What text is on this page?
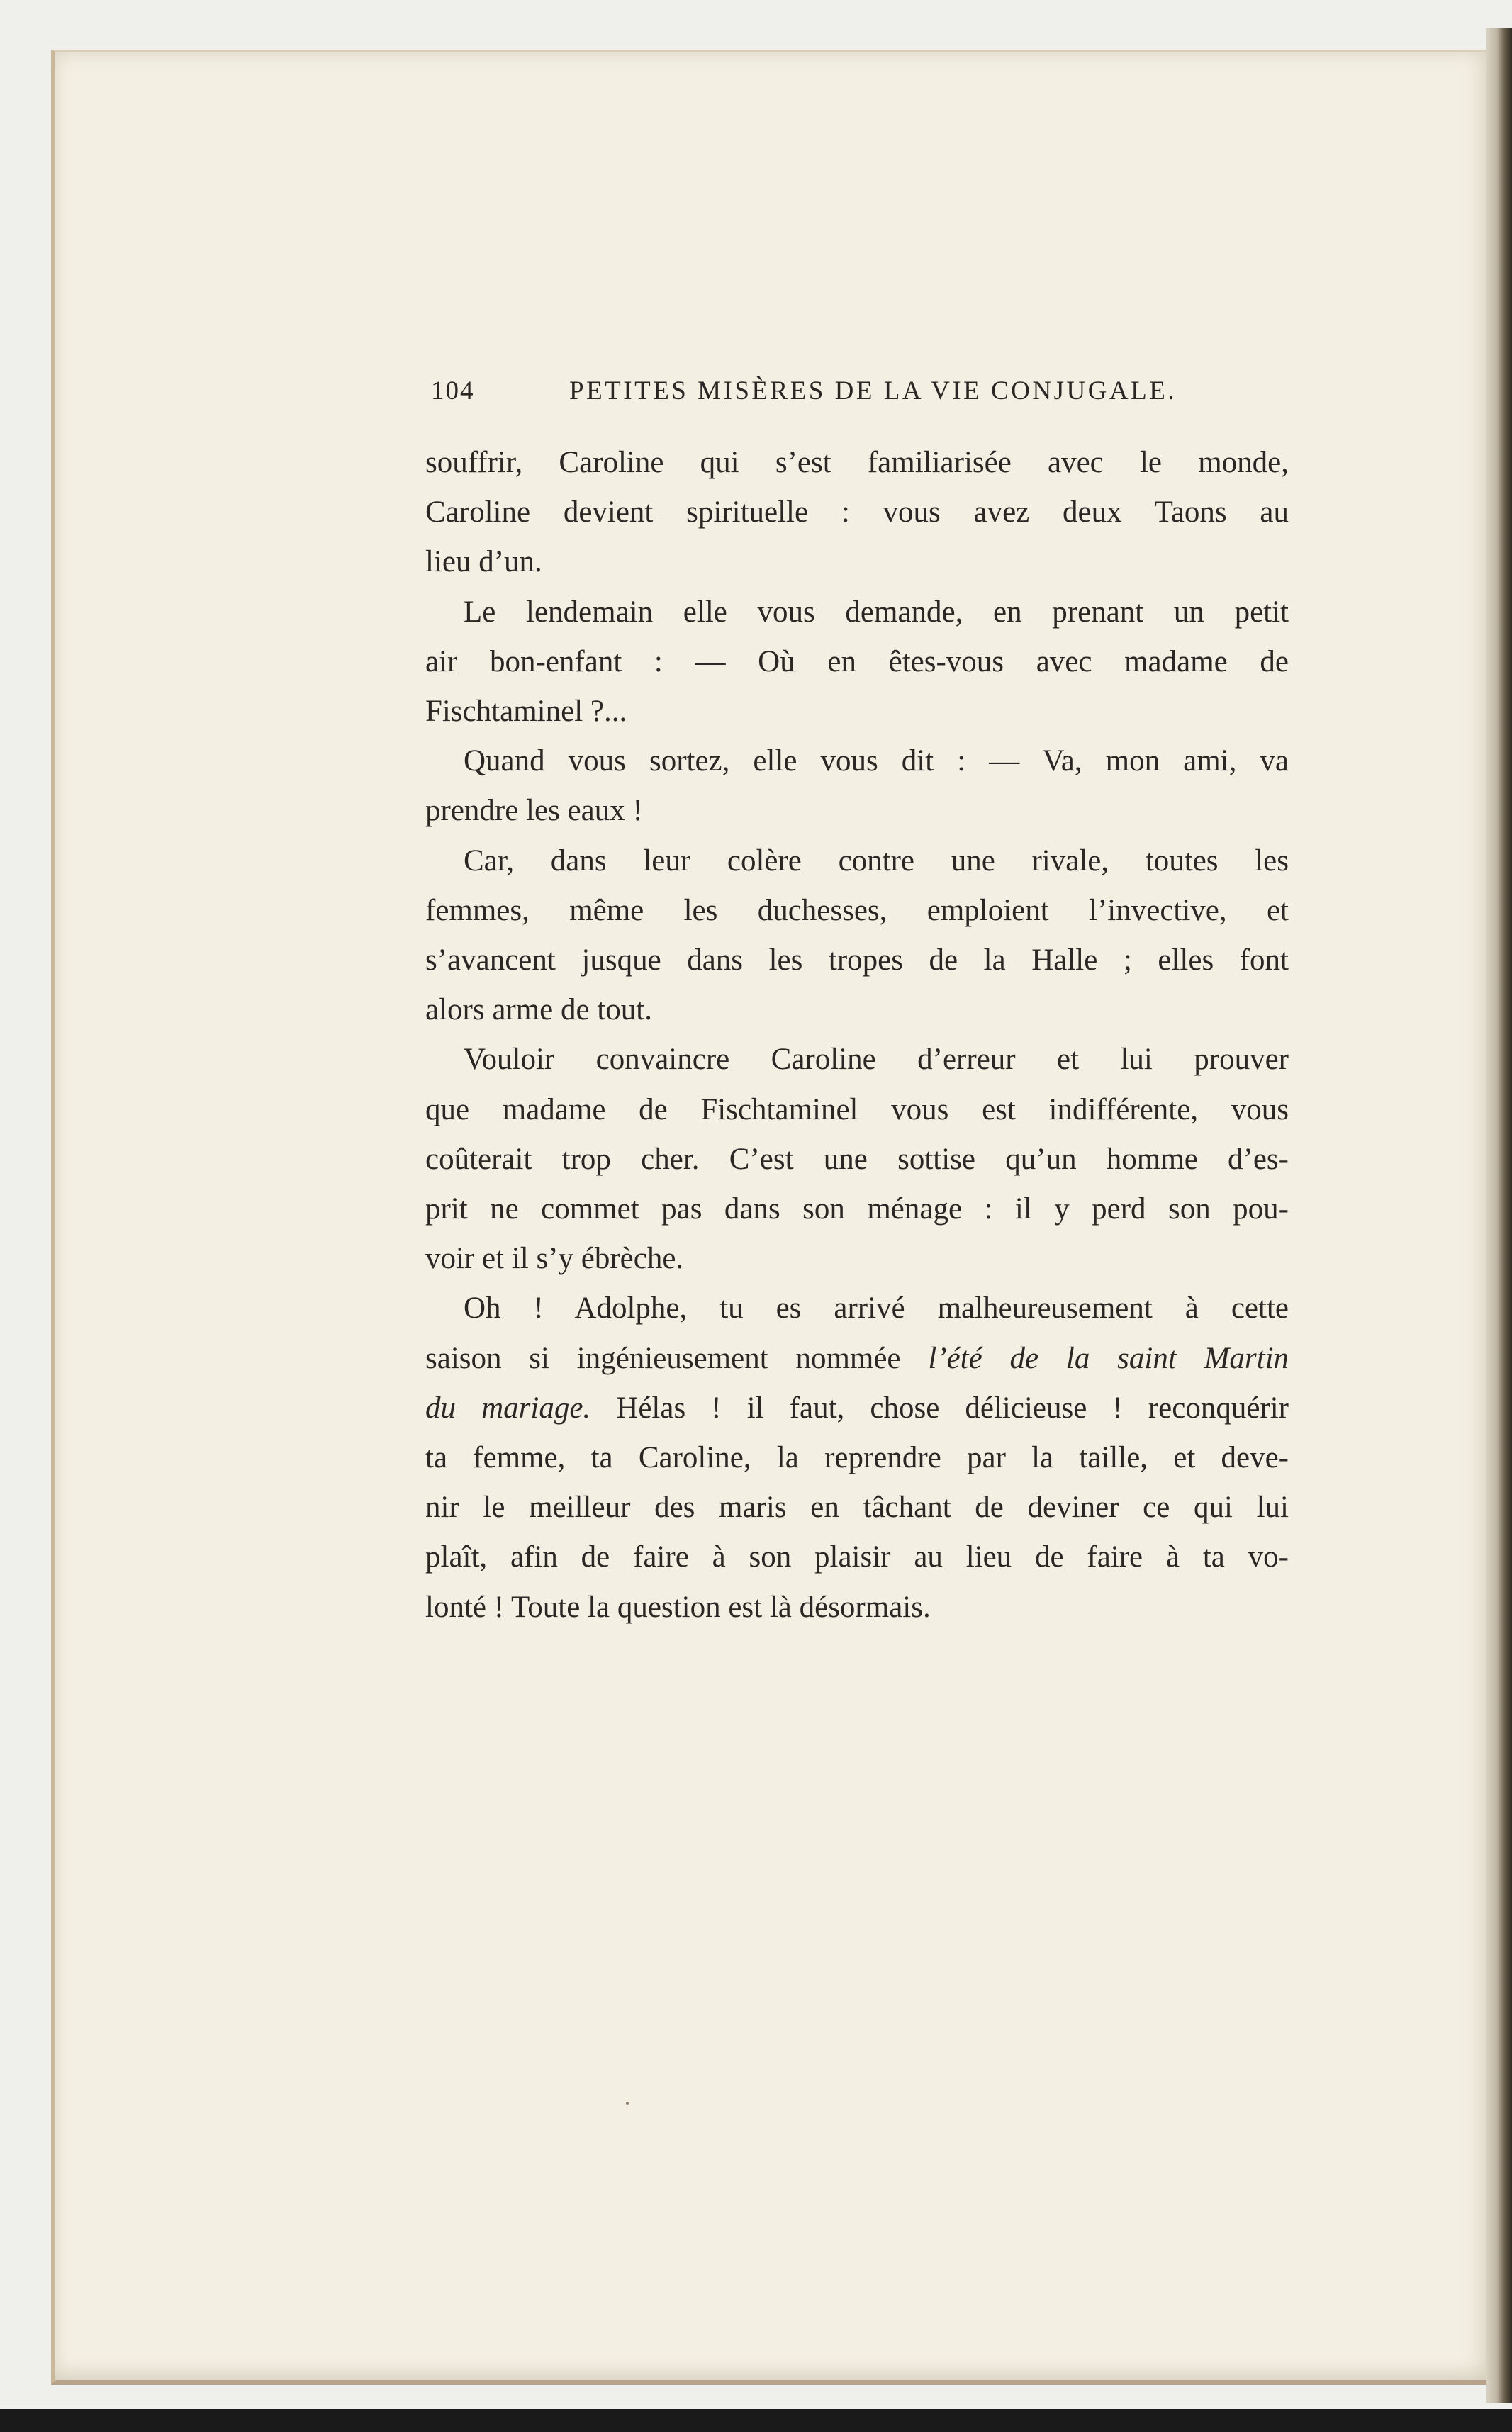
104	PETITES MISÈRES DE LA VIE CONJUGALE.
souffrir, Caroline qui s’est familiarisée avec le monde,
Caroline devient spirituelle : vous avez deux Taons au
lieu d’un.
Le lendemain elle vous demande, en prenant un petit
air bon-enfant : — Où en êtes-vous avec madame de
Fischtaminel ?...
Quand vous sortez, elle vous dit : — Va, mon ami, va
prendre les eaux !
Car, dans leur colère contre une rivale, toutes les
femmes, même les duchesses, emploient l’invective, et
s’avancent jusque dans les tropes de la Halle ; elles font
alors arme de tout.
Vouloir convaincre Caroline d’erreur et lui prouver
que madame de Fischtaminel vous est indifférente, vous
coûterait trop cher. C’est une sottise qu’un homme d’es-
prit ne commet pas dans son ménage : il y perd son pou-
voir et il s’y ébrèche.
Oh ! Adolphe, tu es arrivé malheureusement à cette
saison si ingénieusement nommée l’été de la saint Martin
du mariage. Hélas ! il faut, chose délicieuse ! reconquérir
ta femme, ta Caroline, la reprendre par la taille, et deve-
nir le meilleur des maris en tâchant de deviner ce qui lui
plaît, afin de faire à son plaisir au lieu de faire à ta vo-
lonté ! Toute la question est là désormais.
